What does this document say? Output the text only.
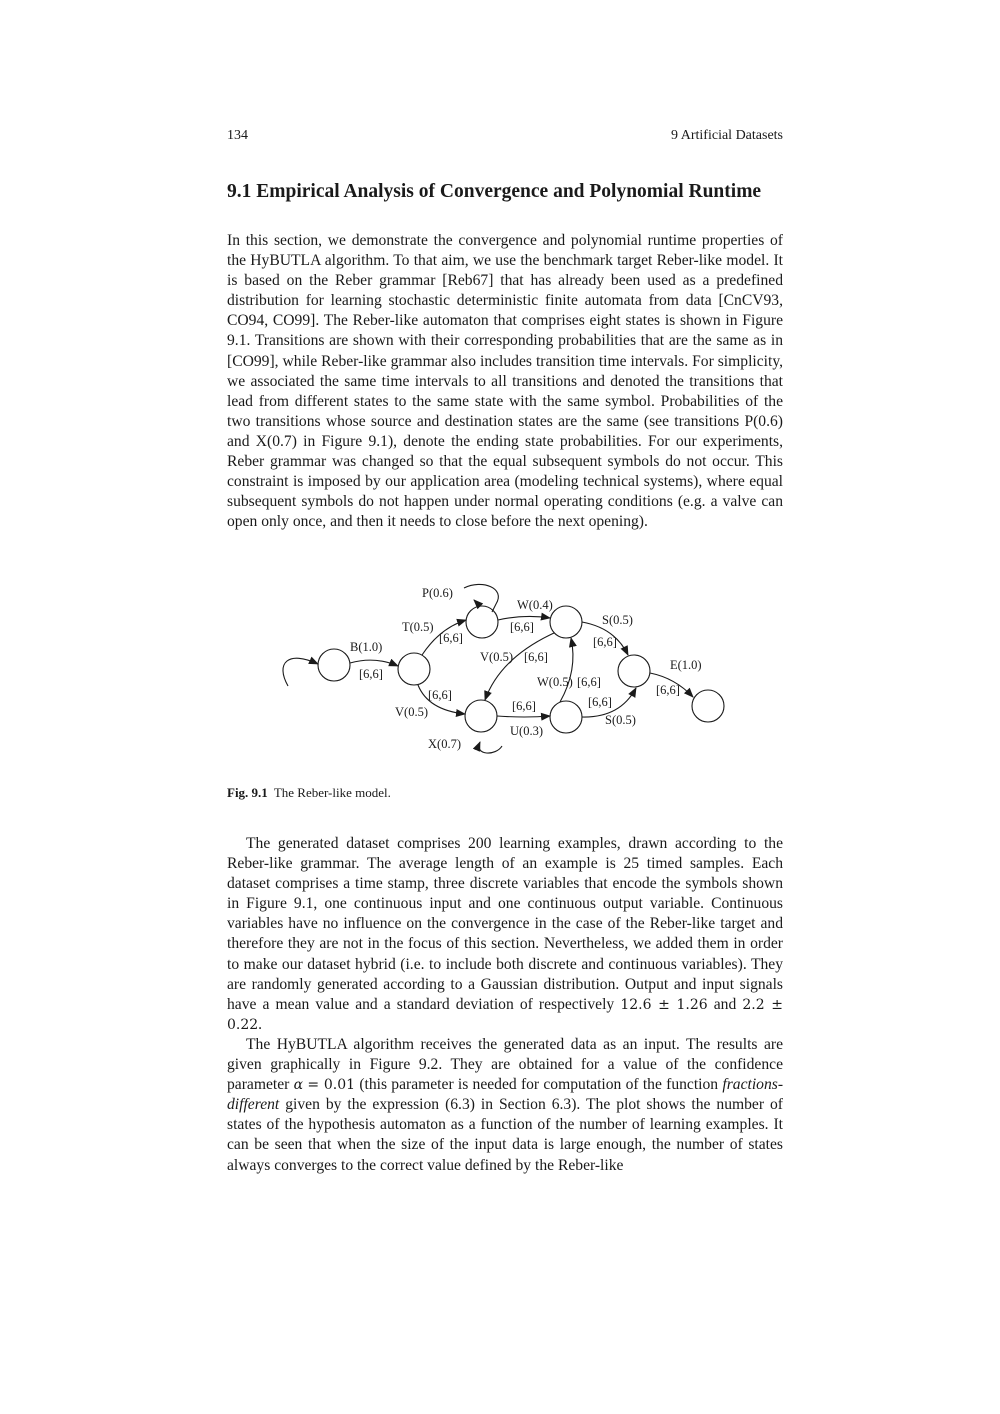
134	9 Artificial Datasets
9.1 Empirical Analysis of Convergence and Polynomial Runtime
In this section, we demonstrate the convergence and polynomial runtime properties of the HyBUTLA algorithm. To that aim, we use the benchmark target Reber-like model. It is based on the Reber grammar [Reb67] that has already been used as a predefined distribution for learning stochastic deterministic finite automata from data [CnCV93, CO94, CO99]. The Reber-like automaton that comprises eight states is shown in Figure 9.1. Transitions are shown with their corresponding probabilities that are the same as in [CO99], while Reber-like grammar also includes transition time intervals. For simplicity, we associated the same time intervals to all transitions and denoted the transitions that lead from different states to the same state with the same symbol. Probabilities of the two transitions whose source and destination states are the same (see transitions P(0.6) and X(0.7) in Figure 9.1), denote the ending state probabilities. For our experiments, Reber grammar was changed so that the equal subsequent symbols do not occur. This constraint is imposed by our application area (modeling technical systems), where equal subsequent symbols do not happen under normal operating conditions (e.g. a valve can open only once, and then it needs to close before the next opening).
B(1.0)
[6,6]
T(0.5)
[6,6]
P(0.6)
W(0.4)
[6,6]	S(0.5)
[6,6]
V(0.5) [6,6]
W(0.5) [6,6]
E(1.0)
[6,6]
V(0.5)
[6,6]
U(0.3)
[6,6]
S(0.5)
[6,6]
X(0.7)
Fig. 9.1 The Reber-like model.
The generated dataset comprises 200 learning examples, drawn according to the Reber-like grammar. The average length of an example is 25 timed samples. Each dataset comprises a time stamp, three discrete variables that encode the symbols shown in Figure 9.1, one continuous input and one continuous output variable. Continuous variables have no influence on the convergence in the case of the Reber-like target and therefore they are not in the focus of this section. Nevertheless, we added them in order to make our dataset hybrid (i.e. to include both discrete and continuous variables). They are randomly generated according to a Gaussian distribution. Output and input signals have a mean value and a standard deviation of respectively 12.6 ± 1.26 and 2.2 ± 0.22.
The HyBUTLA algorithm receives the generated data as an input. The results are given graphically in Figure 9.2. They are obtained for a value of the confidence parameter α = 0.01 (this parameter is needed for computation of the function fractions-different given by the expression (6.3) in Section 6.3). The plot shows the number of states of the hypothesis automaton as a function of the number of learning examples. It can be seen that when the size of the input data is large enough, the number of states always converges to the correct value defined by the Reber-like
